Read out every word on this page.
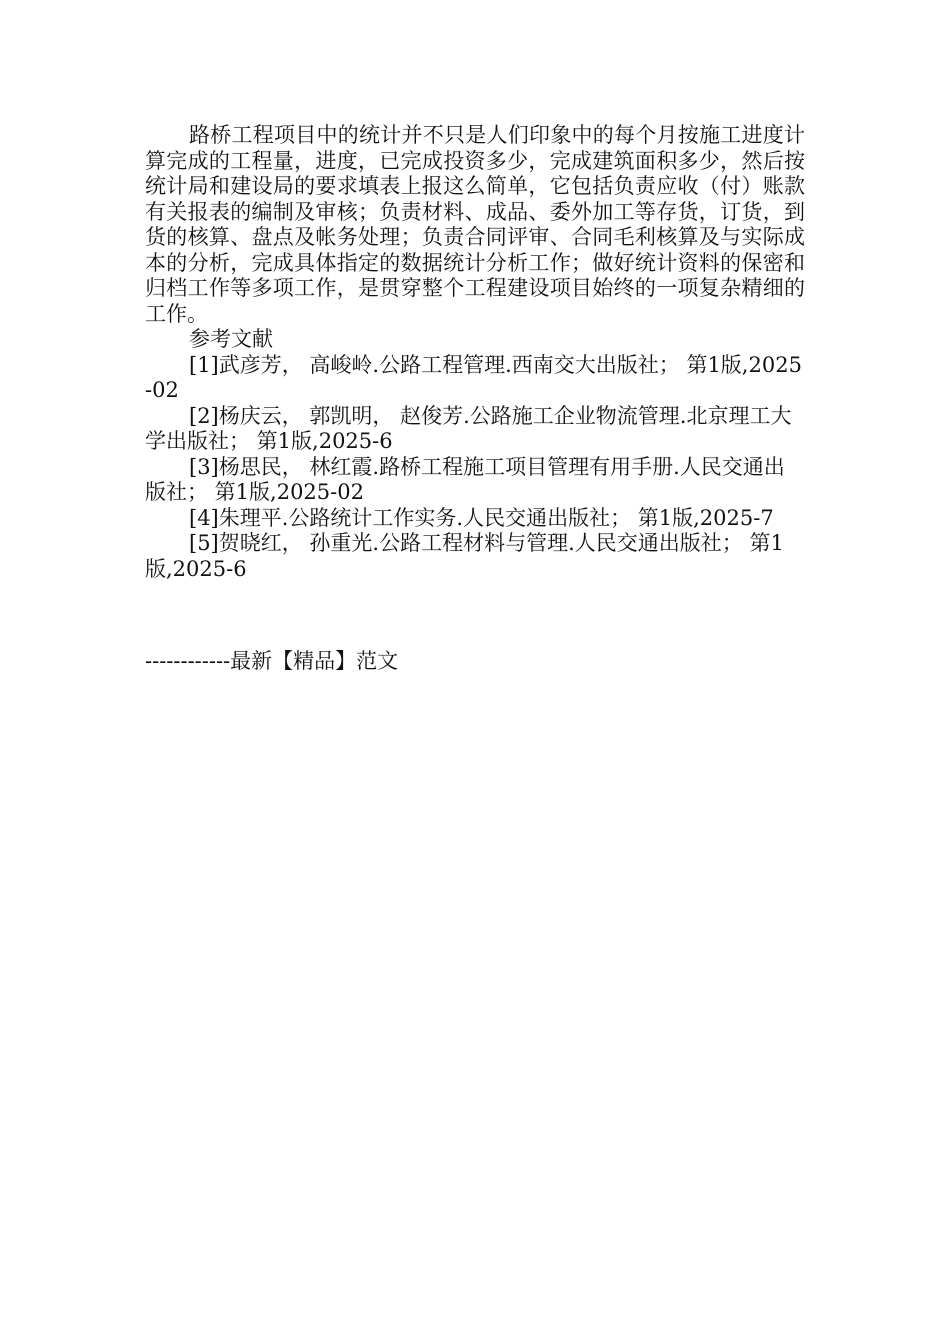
路桥工程项目中的统计并不只是人们印象中的每个月按施工进度计算完成的工程量，进度，已完成投资多少，完成建筑面积多少，然后按统计局和建设局的要求填表上报这么简单，它包括负责应收（付）账款有关报表的编制及审核；负责材料、成品、委外加工等存货，订货，到货的核算、盘点及帐务处理；负责合同评审、合同毛利核算及与实际成本的分析，完成具体指定的数据统计分析工作；做好统计资料的保密和归档工作等多项工作，是贯穿整个工程建设项目始终的一项复杂精细的工作。

参考文献

[1]武彦芳， 高峻岭.公路工程管理.西南交大出版社； 第1版,2025-02

[2]杨庆云， 郭凯明， 赵俊芳.公路施工企业物流管理.北京理工大学出版社； 第1版,2025-6

[3]杨思民， 林红霞.路桥工程施工项目管理有用手册.人民交通出版社； 第1版,2025-02

[4]朱理平.公路统计工作实务.人民交通出版社； 第1版,2025-7

[5]贺晓红， 孙重光.公路工程材料与管理.人民交通出版社； 第1版,2025-6

------------最新【精品】范文
